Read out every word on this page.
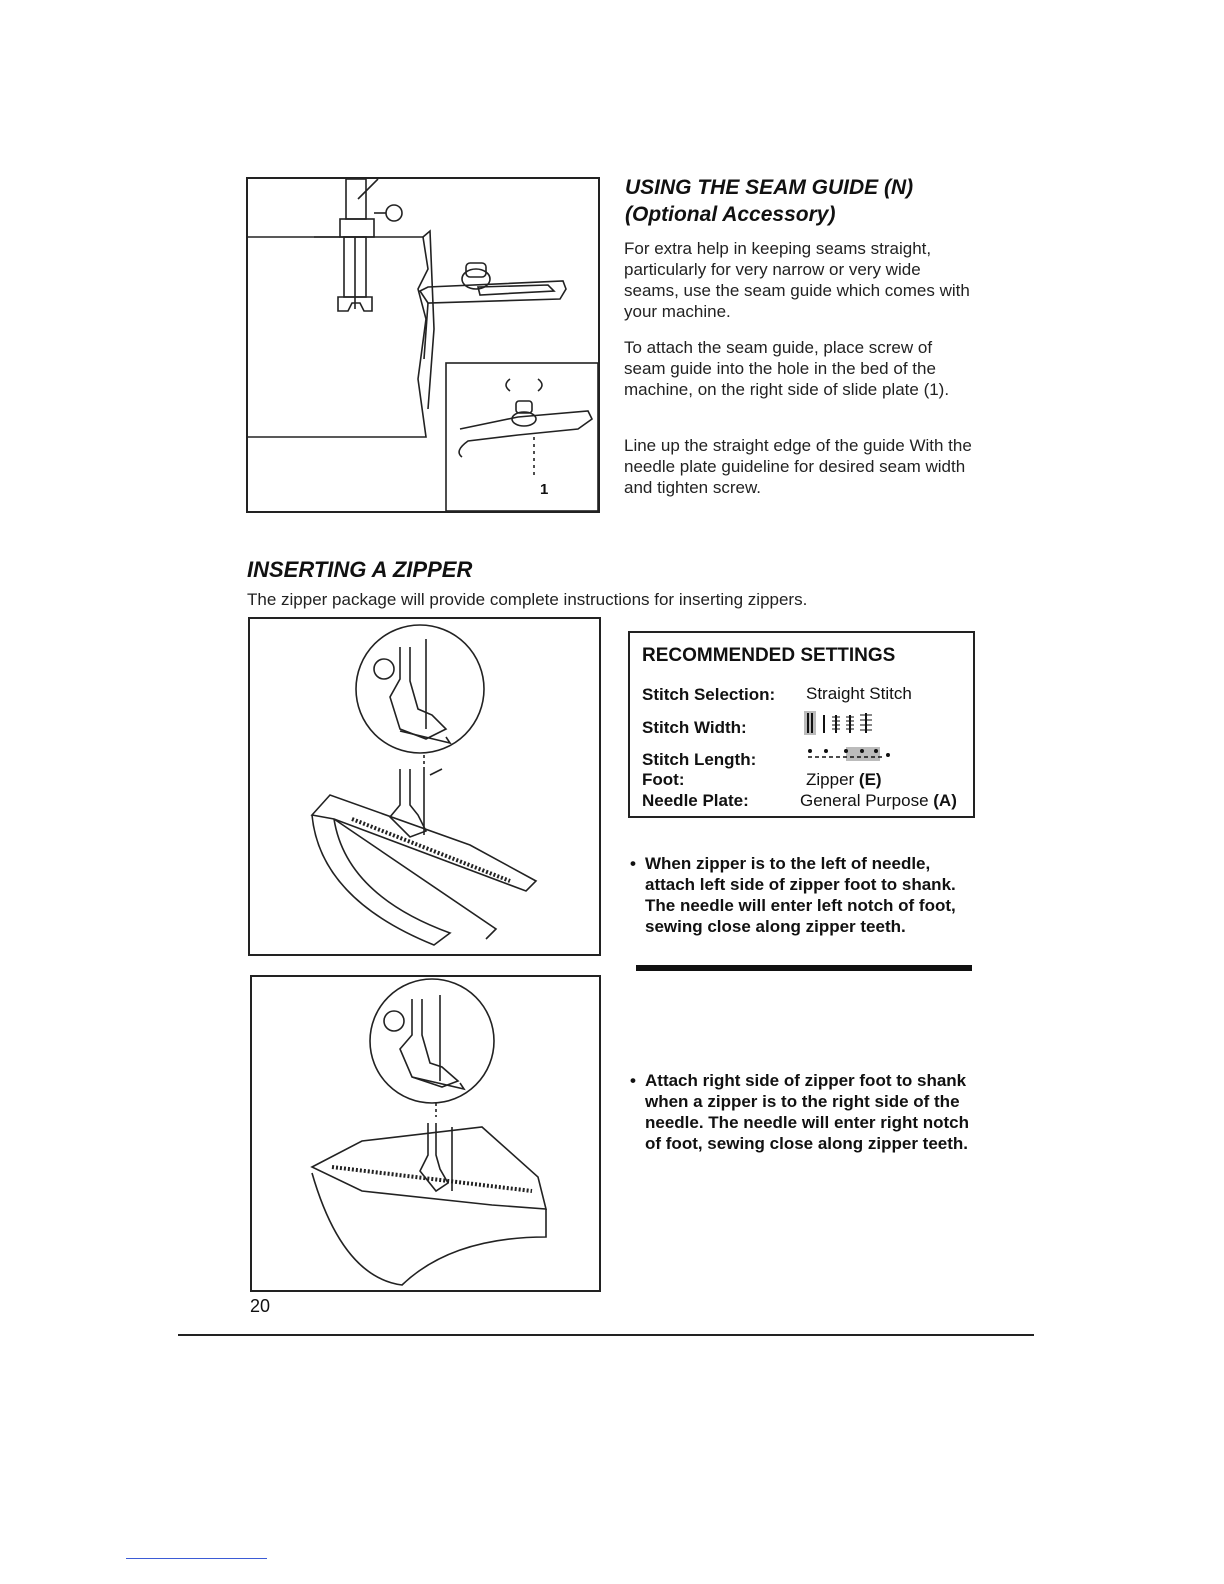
1
USING THE SEAM GUIDE (N)
(Optional Accessory)
For extra help in keeping seams straight, particularly for very narrow or very wide seams, use the seam guide which comes with your machine.
To attach the seam guide, place screw of seam guide into the hole in the bed of the machine, on the right side of slide plate (1).
Line up the straight edge of the guide With the needle plate guideline for desired seam width and tighten screw.
INSERTING A ZIPPER
The zipper package will provide complete instructions for inserting zippers.
RECOMMENDED SETTINGS
Stitch Selection: Straight Stitch
Stitch Width:
Stitch Length:
Foot:	Zipper (E)
Needle Plate:	General Purpose (A)
• When zipper is to the left of needle, attach left side of zipper foot to shank. The needle will enter left notch of foot, sewing close along zipper teeth.
• Attach right side of zipper foot to shank when a zipper is to the right side of the needle. The needle will enter right notch of foot, sewing close along zipper teeth.
20
